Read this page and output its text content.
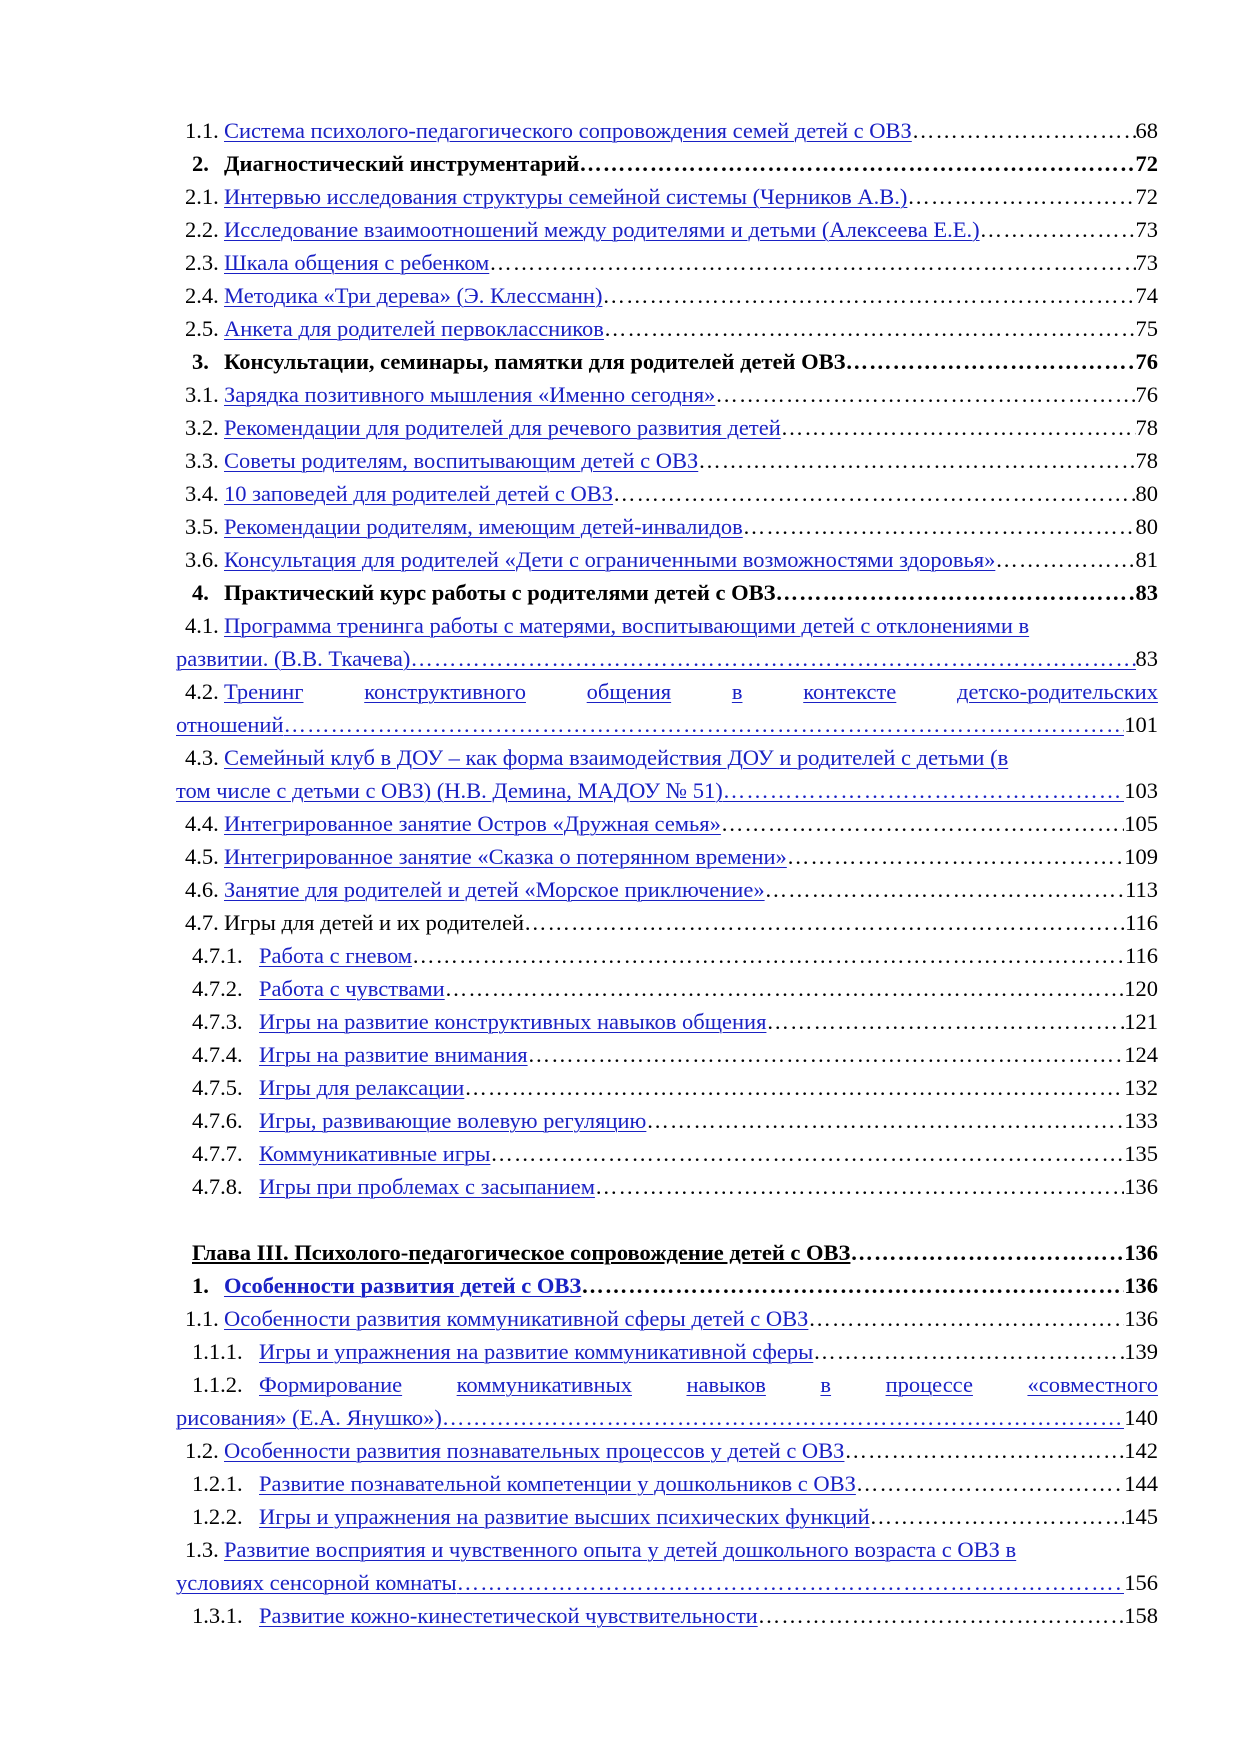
1.1. Система психолого-педагогического сопровождения семей детей с ОВЗ ………………………………………………………………………………………………………………………………………………………	68
2. Диагностический инструментарий ………………………………………………………………………………………………………………………………………………………	72
2.1. Интервью исследования структуры семейной системы (Черников А.В.) ………………………………………………………………………………………………………………………………………………………	72
2.2. Исследование взаимоотношений между родителями и детьми (Алексеева Е.Е.) ………………………………………………………………………………………………………………………………………………………	73
2.3. Шкала общения с ребенком ………………………………………………………………………………………………………………………………………………………	73
2.4. Методика «Три дерева» (Э. Клессманн) ………………………………………………………………………………………………………………………………………………………	74
2.5. Анкета для родителей первоклассников ………………………………………………………………………………………………………………………………………………………	75
3. Консультации, семинары, памятки для родителей детей ОВЗ ………………………………………………………………………………………………………………………………………………………	76
3.1. Зарядка позитивного мышления «Именно сегодня» ………………………………………………………………………………………………………………………………………………………	76
3.2. Рекомендации для родителей для речевого развития детей ………………………………………………………………………………………………………………………………………………………	78
3.3. Советы родителям, воспитывающим детей с ОВЗ ………………………………………………………………………………………………………………………………………………………	78
3.4. 10 заповедей для родителей детей с ОВЗ ………………………………………………………………………………………………………………………………………………………	80
3.5. Рекомендации родителям, имеющим детей-инвалидов ………………………………………………………………………………………………………………………………………………………	80
3.6. Консультация для родителей «Дети с ограниченными возможностями здоровья» ………………………………………………………………………………………………………………………………………………………	81
4. Практический курс работы с родителями детей с ОВЗ ………………………………………………………………………………………………………………………………………………………	83
4.1. Программа тренинга работы с матерями, воспитывающими детей с отклонениями в
развитии. (В.В. Ткачева) ………………………………………………………………………………………………………………………………………………………	83
4.2. Тренинг	конструктивного	общения	в	контексте	детско-родительских
отношений ………………………………………………………………………………………………………………………………………………………	101
4.3. Семейный клуб в ДОУ – как форма взаимодействия ДОУ и родителей с детьми (в
том числе с детьми с ОВЗ) (Н.В. Демина, МАДОУ № 51) ………………………………………………………………………………………………………………………………………………………	103
4.4. Интегрированное занятие Остров «Дружная семья» ………………………………………………………………………………………………………………………………………………………	105
4.5. Интегрированное занятие «Сказка о потерянном времени» ………………………………………………………………………………………………………………………………………………………	109
4.6. Занятие для родителей и детей «Морское приключение» ………………………………………………………………………………………………………………………………………………………	113
4.7. Игры для детей и их родителей ………………………………………………………………………………………………………………………………………………………	116
4.7.1. Работа с гневом ………………………………………………………………………………………………………………………………………………………	116
4.7.2. Работа с чувствами ………………………………………………………………………………………………………………………………………………………	120
4.7.3. Игры на развитие конструктивных навыков общения ………………………………………………………………………………………………………………………………………………………	121
4.7.4. Игры на развитие внимания ………………………………………………………………………………………………………………………………………………………	124
4.7.5. Игры для релаксации ………………………………………………………………………………………………………………………………………………………	132
4.7.6. Игры, развивающие волевую регуляцию ………………………………………………………………………………………………………………………………………………………	133
4.7.7. Коммуникативные игры ………………………………………………………………………………………………………………………………………………………	135
4.7.8. Игры при проблемах с засыпанием ………………………………………………………………………………………………………………………………………………………	136
Глава III. Психолого-педагогическое сопровождение детей с ОВЗ ………………………………………………………………………………………………………………………………………………………	136
1. Особенности развития детей с ОВЗ ………………………………………………………………………………………………………………………………………………………	136
1.1. Особенности развития коммуникативной сферы детей с ОВЗ ………………………………………………………………………………………………………………………………………………………	136
1.1.1. Игры и упражнения на развитие коммуникативной сферы ………………………………………………………………………………………………………………………………………………………	139
1.1.2. Формирование коммуникативных навыков в процессе «совместного
рисования» (Е.А. Янушко») ………………………………………………………………………………………………………………………………………………………	140
1.2. Особенности развития познавательных процессов у детей с ОВЗ ………………………………………………………………………………………………………………………………………………………	142
1.2.1. Развитие познавательной компетенции у дошкольников с ОВЗ ………………………………………………………………………………………………………………………………………………………	144
1.2.2. Игры и упражнения на развитие высших психических функций ………………………………………………………………………………………………………………………………………………………	145
1.3. Развитие восприятия и чувственного опыта у детей дошкольного возраста с ОВЗ в
условиях сенсорной комнаты ………………………………………………………………………………………………………………………………………………………	156
1.3.1. Развитие кожно-кинестетической чувствительности ………………………………………………………………………………………………………………………………………………………	158
